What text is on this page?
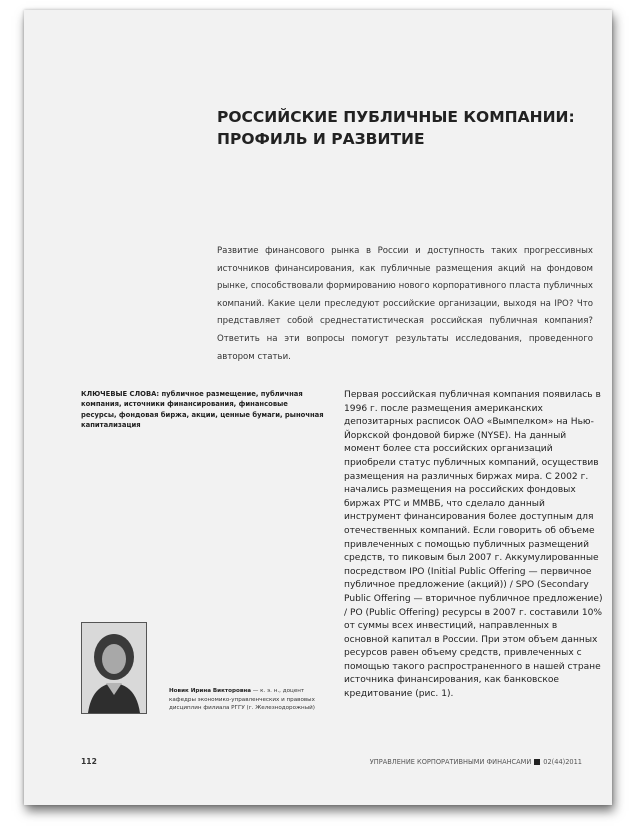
РОССИЙСКИЕ ПУБЛИЧНЫЕ КОМПАНИИ:
ПРОФИЛЬ И РАЗВИТИЕ

Развитие финансового рынка в России и доступность таких прогрессивных источников финансирования, как публичные размещения акций на фондовом рынке, способствовали формированию нового корпоративного пласта публичных компаний. Какие цели преследуют российские организации, выходя на IPO? Что представляет собой среднестатистическая российская публичная компания? Ответить на эти вопросы помогут результаты исследования, проведенного автором статьи.

КЛЮЧЕВЫЕ СЛОВА: публичное размещение, публичная компания, источники финансирования, финансовые ресурсы, фондовая биржа, акции, ценные бумаги, рыночная капитализация

Первая российская публичная компания появилась в 1996 г. после размещения американских депозитарных расписок ОАО «Вымпелком» на Нью-Йоркской фондовой бирже (NYSE). На данный момент более ста российских организаций приобрели статус публичных компаний, осуществив размещения на различных биржах мира. С 2002 г. начались размещения на российских фондовых биржах РТС и ММВБ, что сделало данный инструмент финансирования более доступным для отечественных компаний. Если говорить об объеме привлеченных с помощью публичных размещений средств, то пиковым был 2007 г. Аккумулированные посредством IPO (Initial Public Offering — первичное публичное предложение (акций)) / SPO (Secondary Public Offering — вторичное публичное предложение) / PO (Public Offering) ресурсы в 2007 г. составили 10% от суммы всех инвестиций, направленных в основной капитал в России. При этом объем данных ресурсов равен объему средств, привлеченных с помощью такого распространенного в нашей стране источника финансирования, как банковское кредитование (рис. 1).

Новик Ирина Викторовна — к. э. н., доцент кафедры экономико-управленческих и правовых дисциплин филиала РГГУ (г. Железнодорожный)

112	УПРАВЛЕНИЕ КОРПОРАТИВНЫМИ ФИНАНСАМИ 02(44)2011
